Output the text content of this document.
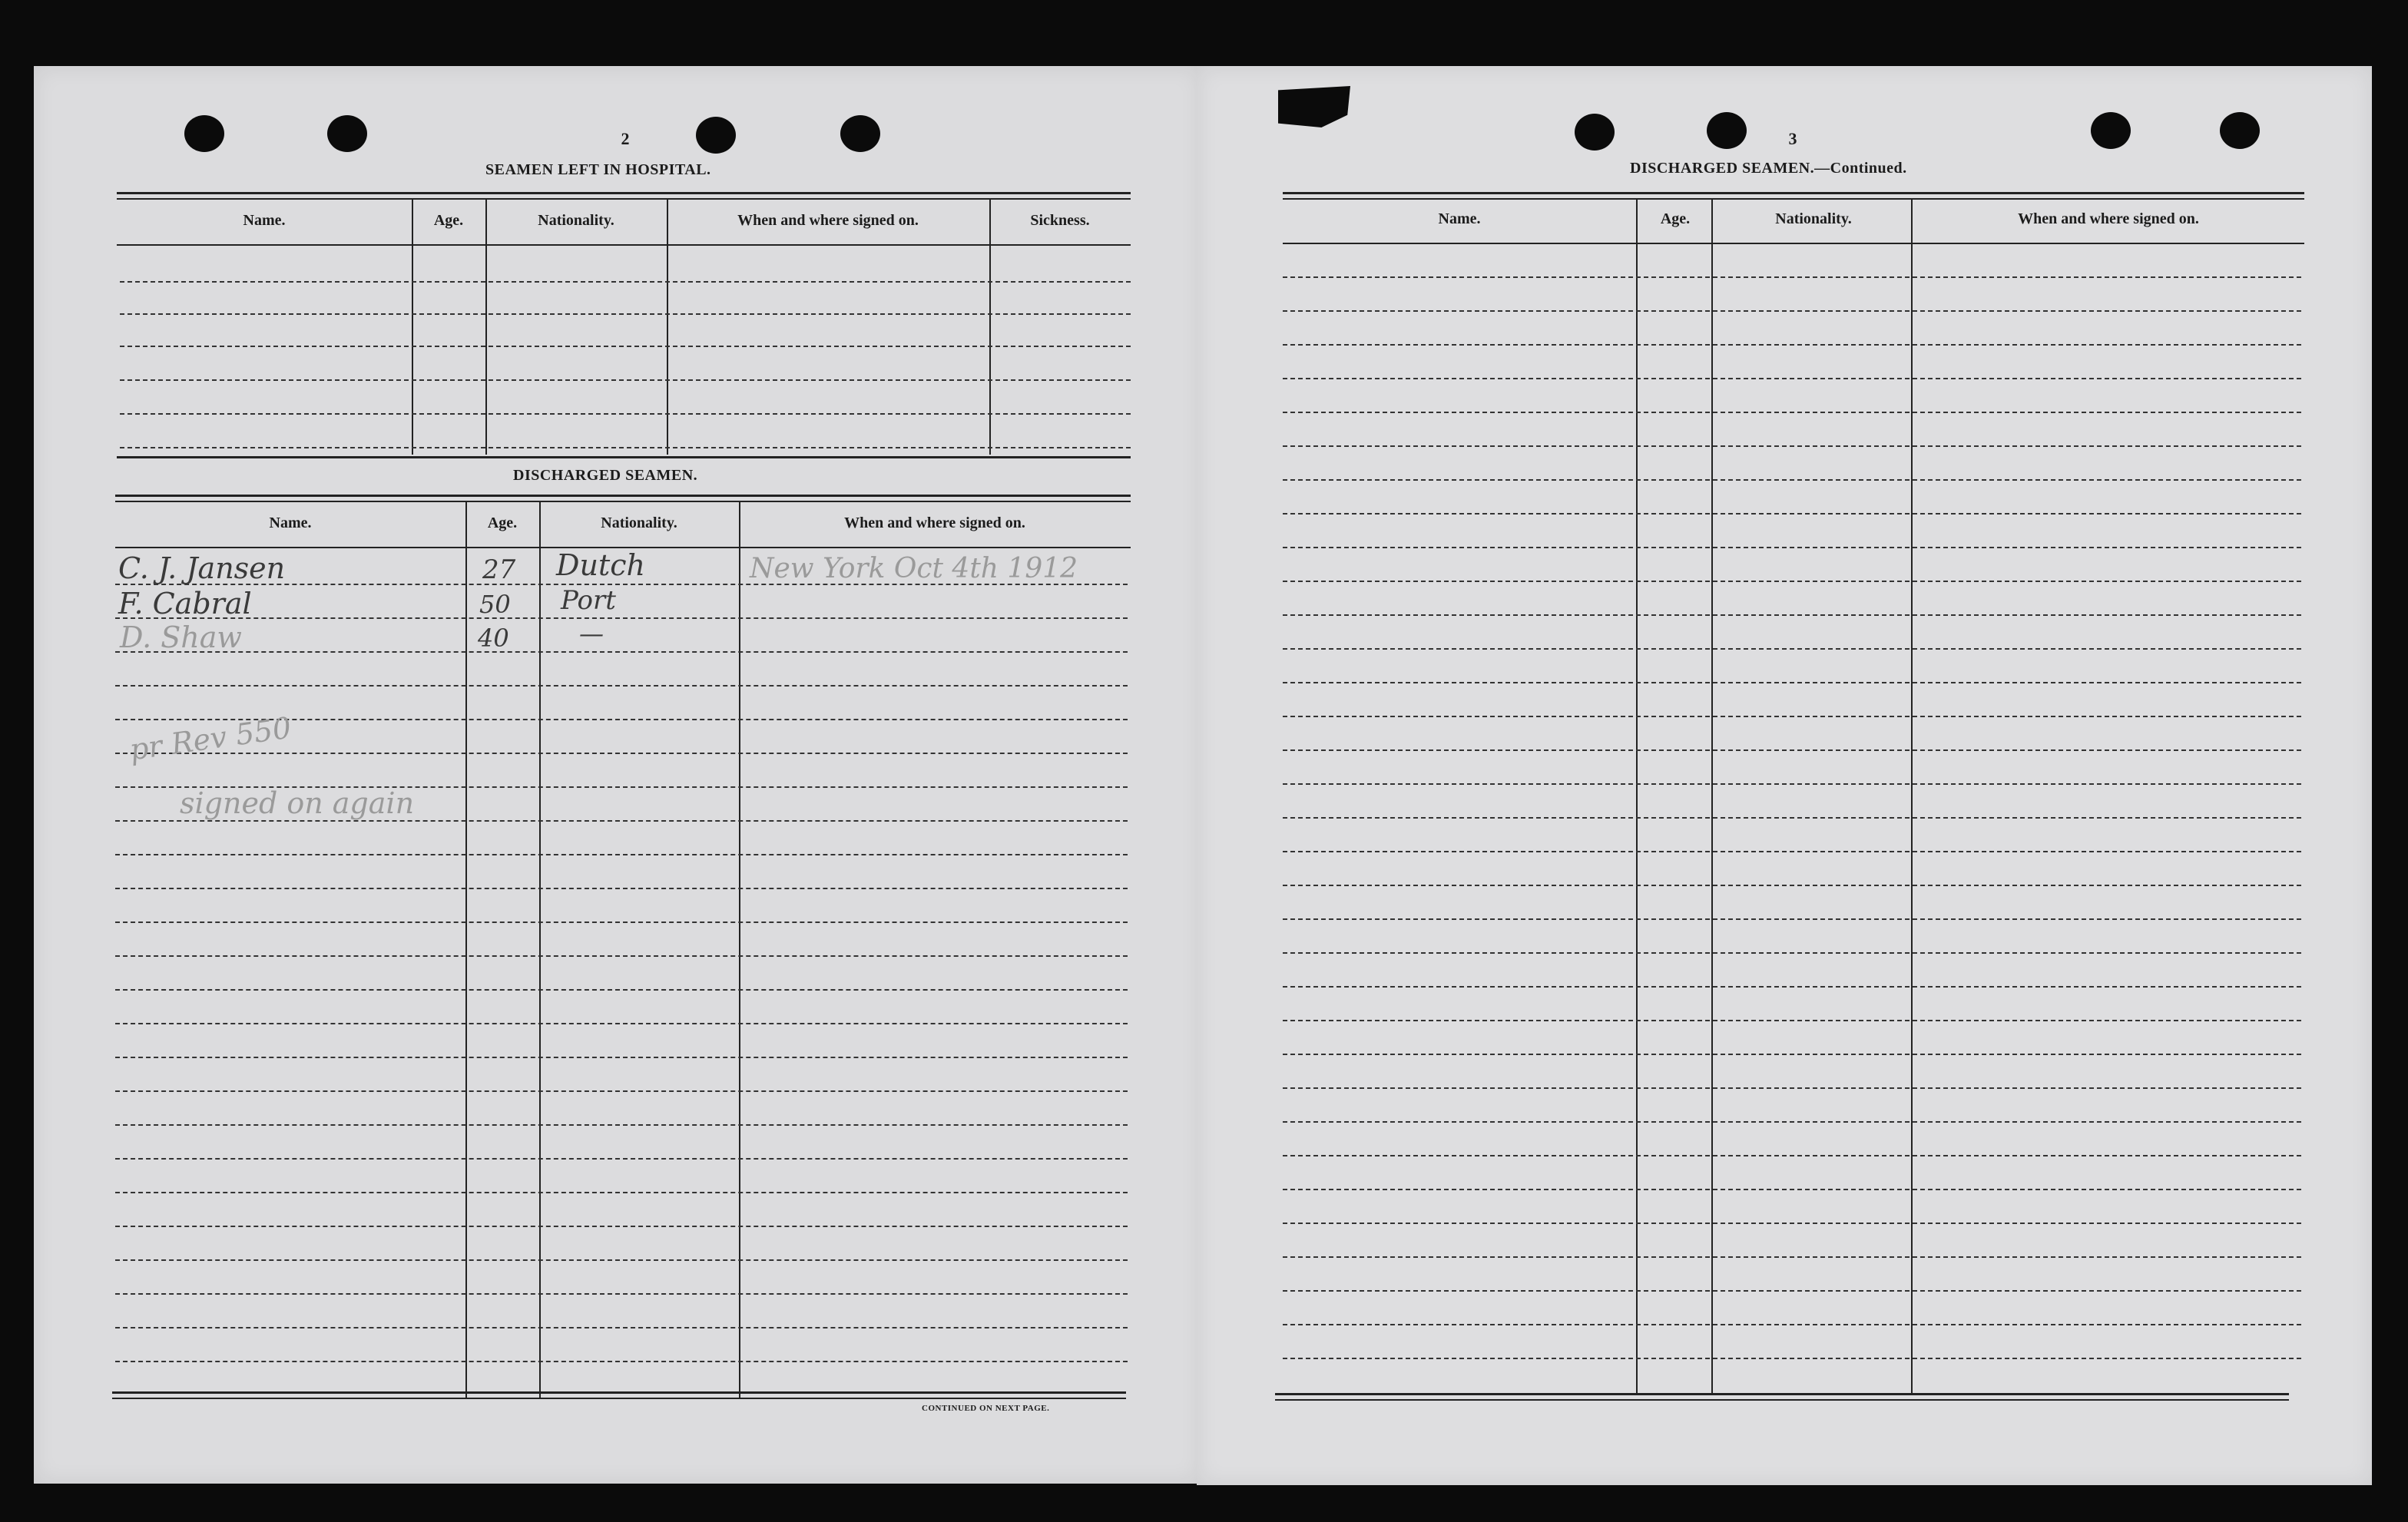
2
SEAMEN LEFT IN HOSPITAL.
Name.	Age.	Nationality.	When and where signed on.	Sickness.
DISCHARGED SEAMEN.
Name.	Age.	Nationality.	When and where signed on.
C. J. Jansen	27 Dutch	New York Oct 4th 1912
F. Cabral	50 Port
D. Shaw	40	—
pr Rev 550
signed on again
CONTINUED ON NEXT PAGE.
3
DISCHARGED SEAMEN.—Continued.
Name.	Age.	Nationality.	When and where signed on.
